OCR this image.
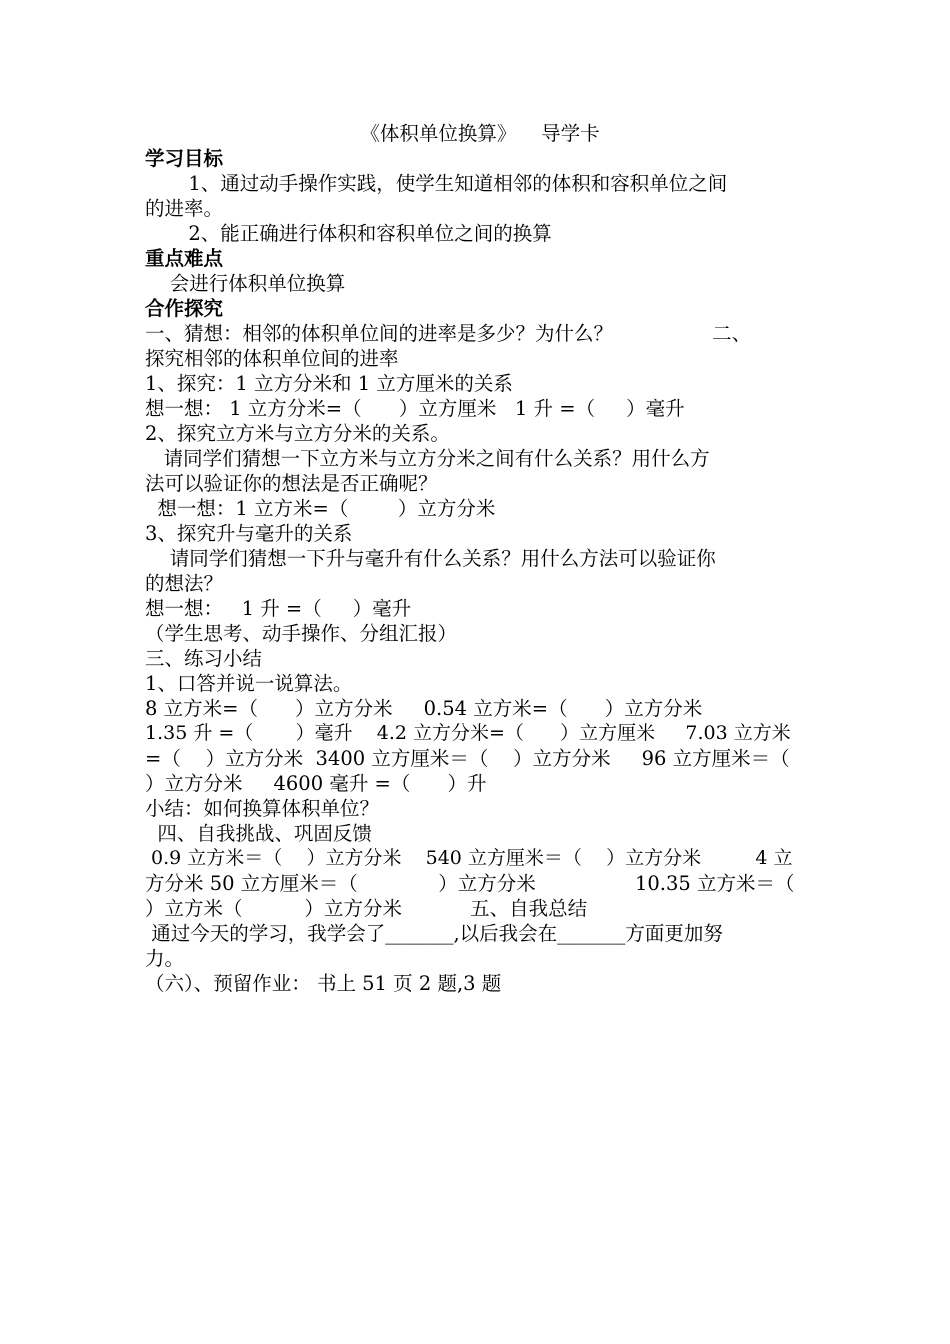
《体积单位换算》    导学卡
学习目标
1、通过动手操作实践，使学生知道相邻的体积和容积单位之间
的进率。
2、能正确进行体积和容积单位之间的换算
重点难点
会进行体积单位换算
合作探究
一、猜想：相邻的体积单位间的进率是多少？为什么？                二、
探究相邻的体积单位间的进率
1、探究：1 立方分米和 1 立方厘米的关系
想一想： 1 立方分米=（      ）立方厘米   1 升 =（     ）毫升
2、探究立方米与立方分米的关系。
请同学们猜想一下立方米与立方分米之间有什么关系？用什么方
法可以验证你的想法是否正确呢？
想一想：1 立方米=（        ）立方分米
3、探究升与毫升的关系
请同学们猜想一下升与毫升有什么关系？用什么方法可以验证你
的想法？
想一想：   1 升 =（     ）毫升
（学生思考、动手操作、分组汇报）
三、练习小结
1、口答并说一说算法。
8 立方米=（      ）立方分米     0.54 立方米=（      ）立方分米
1.35 升 =（       ）毫升    4.2 立方分米=（      ）立方厘米     7.03 立方米
=（    ）立方分米  3400 立方厘米＝（    ）立方分米     96 立方厘米＝（
）立方分米     4600 毫升 =（      ）升
小结：如何换算体积单位？
四、自我挑战、巩固反馈
0.9 立方米＝（    ）立方分米    540 立方厘米＝（    ）立方分米         4 立
方分米 50 立方厘米＝（             ）立方分米                10.35 立方米＝（
）立方米（          ）立方分米           五、自我总结
通过今天的学习，我学会了_______,以后我会在_______方面更加努
力。
（六）、预留作业： 书上 51 页 2 题,3 题
